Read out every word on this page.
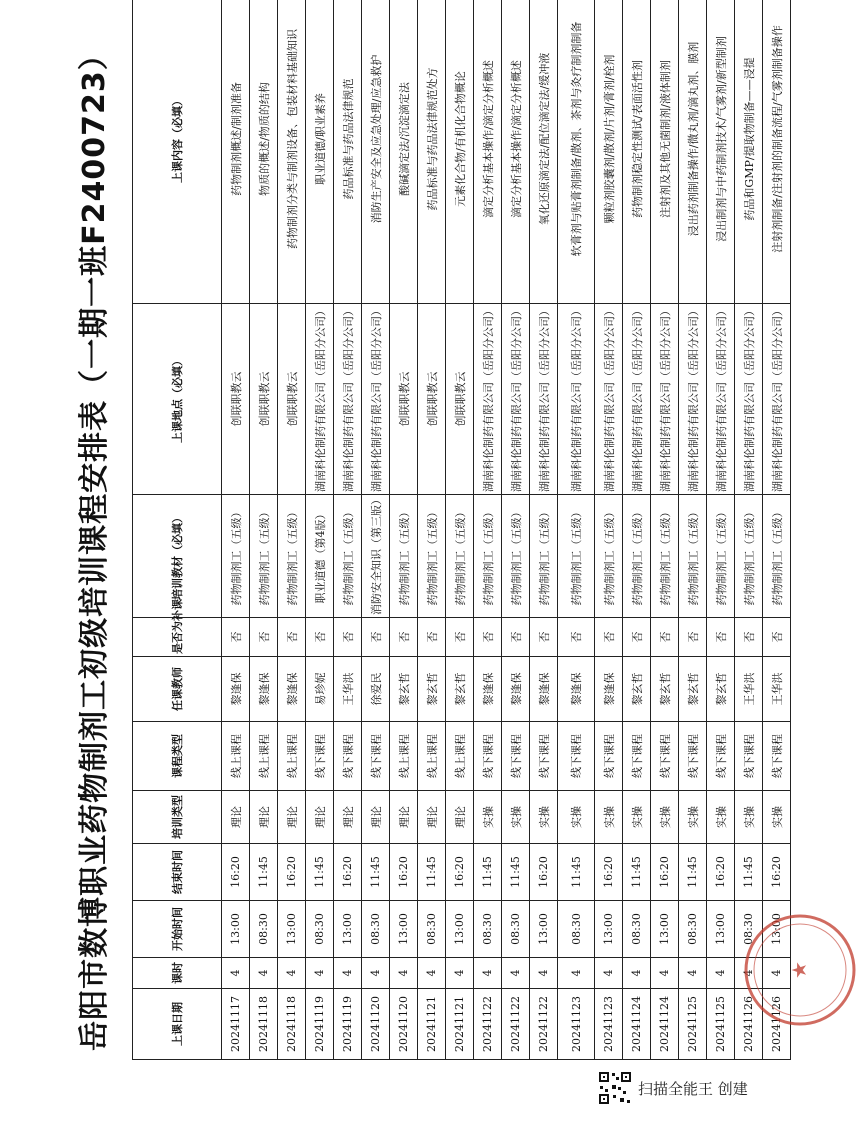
岳阳市数博职业药物制剂工初级培训课程安排表（一期一班F2400723）
上课日期	课时	开始时间	结束时间	培训类型	课程类型	任课教师	是否为补课	培训教材（必填）	上课地点（必填）	上课内容（必填）
20241117	4	13:00	16:20	理论	线上课程	黎逢保	否	药物制剂工（五级）	创联职教云	药物制剂概述/制剂准备
20241118	4	08:30	11:45	理论	线上课程	黎逢保	否	药物制剂工（五级）	创联职教云	物质的概述/物质的结构
20241118	4	13:00	16:20	理论	线上课程	黎逢保	否	药物制剂工（五级）	创联职教云	药物制剂分类与制剂设备、包装材料基础知识
20241119	4	08:30	11:45	理论	线下课程	易珍妮	否	职业道德（第4版）	湖南科伦制药有限公司（岳阳分公司）	职业道德/职业素养
20241119	4	13:00	16:20	理论	线下课程	王华洪	否	药物制剂工（五级）	湖南科伦制药有限公司（岳阳分公司）	药品标准与药品法律规范
20241120	4	08:30	11:45	理论	线下课程	徐爱民	否	消防安全知识（第三版）	湖南科伦制药有限公司（岳阳分公司）	消防生产安全及应急处理/应急救护
20241120	4	13:00	16:20	理论	线上课程	黎玄哲	否	药物制剂工（五级）	创联职教云	酸碱滴定法/沉淀滴定法
20241121	4	08:30	11:45	理论	线上课程	黎玄哲	否	药物制剂工（五级）	创联职教云	药品标准与药品法律规范处方
20241121	4	13:00	16:20	理论	线上课程	黎玄哲	否	药物制剂工（五级）	创联职教云	元素化合物/有机化合物概论
20241122	4	08:30	11:45	实操	线下课程	黎逢保	否	药物制剂工（五级）	湖南科伦制药有限公司（岳阳分公司）	滴定分析基本操作/滴定分析概述
20241122	4	08:30	11:45	实操	线下课程	黎逢保	否	药物制剂工（五级）	湖南科伦制药有限公司（岳阳分公司）	滴定分析基本操作/滴定分析概述
20241122	4	13:00	16:20	实操	线下课程	黎逢保	否	药物制剂工（五级）	湖南科伦制药有限公司（岳阳分公司）	氧化还原滴定法/配位滴定法/缓冲液
20241123	4	08:30	11:45	实操	线下课程	黎逢保	否	药物制剂工（五级）	湖南科伦制药有限公司（岳阳分公司）	软膏剂与贴膏剂制备/散剂、茶剂与灸疗制剂制备
20241123	4	13:00	16:20	实操	线下课程	黎逢保	否	药物制剂工（五级）	湖南科伦制药有限公司（岳阳分公司）	颗粒剂胶囊剂/散剂/片剂/膏剂/栓剂
20241124	4	08:30	11:45	实操	线下课程	黎玄哲	否	药物制剂工（五级）	湖南科伦制药有限公司（岳阳分公司）	药物制剂稳定性测试/表面活性剂
20241124	4	13:00	16:20	实操	线下课程	黎玄哲	否	药物制剂工（五级）	湖南科伦制药有限公司（岳阳分公司）	注射剂及其他无菌制剂/液体制剂
20241125	4	08:30	11:45	实操	线下课程	黎玄哲	否	药物制剂工（五级）	湖南科伦制药有限公司（岳阳分公司）	浸出药剂制备操作/微丸剂/滴丸剂、膜剂
20241125	4	13:00	16:20	实操	线下课程	黎玄哲	否	药物制剂工（五级）	湖南科伦制药有限公司（岳阳分公司）	浸出制剂与中药制剂技术/气雾剂/新型制剂
20241126	4	08:30	11:45	实操	线下课程	王华洪	否	药物制剂工（五级）	湖南科伦制药有限公司（岳阳分公司）	药品和GMP/提取物制备——浸提
20241126	4	13:00	16:20	实操	线下课程	王华洪	否	药物制剂工（五级）	湖南科伦制药有限公司（岳阳分公司）	注射剂制备/注射剂的制备流程/气雾剂制备操作
★
扫描全能王 创建
